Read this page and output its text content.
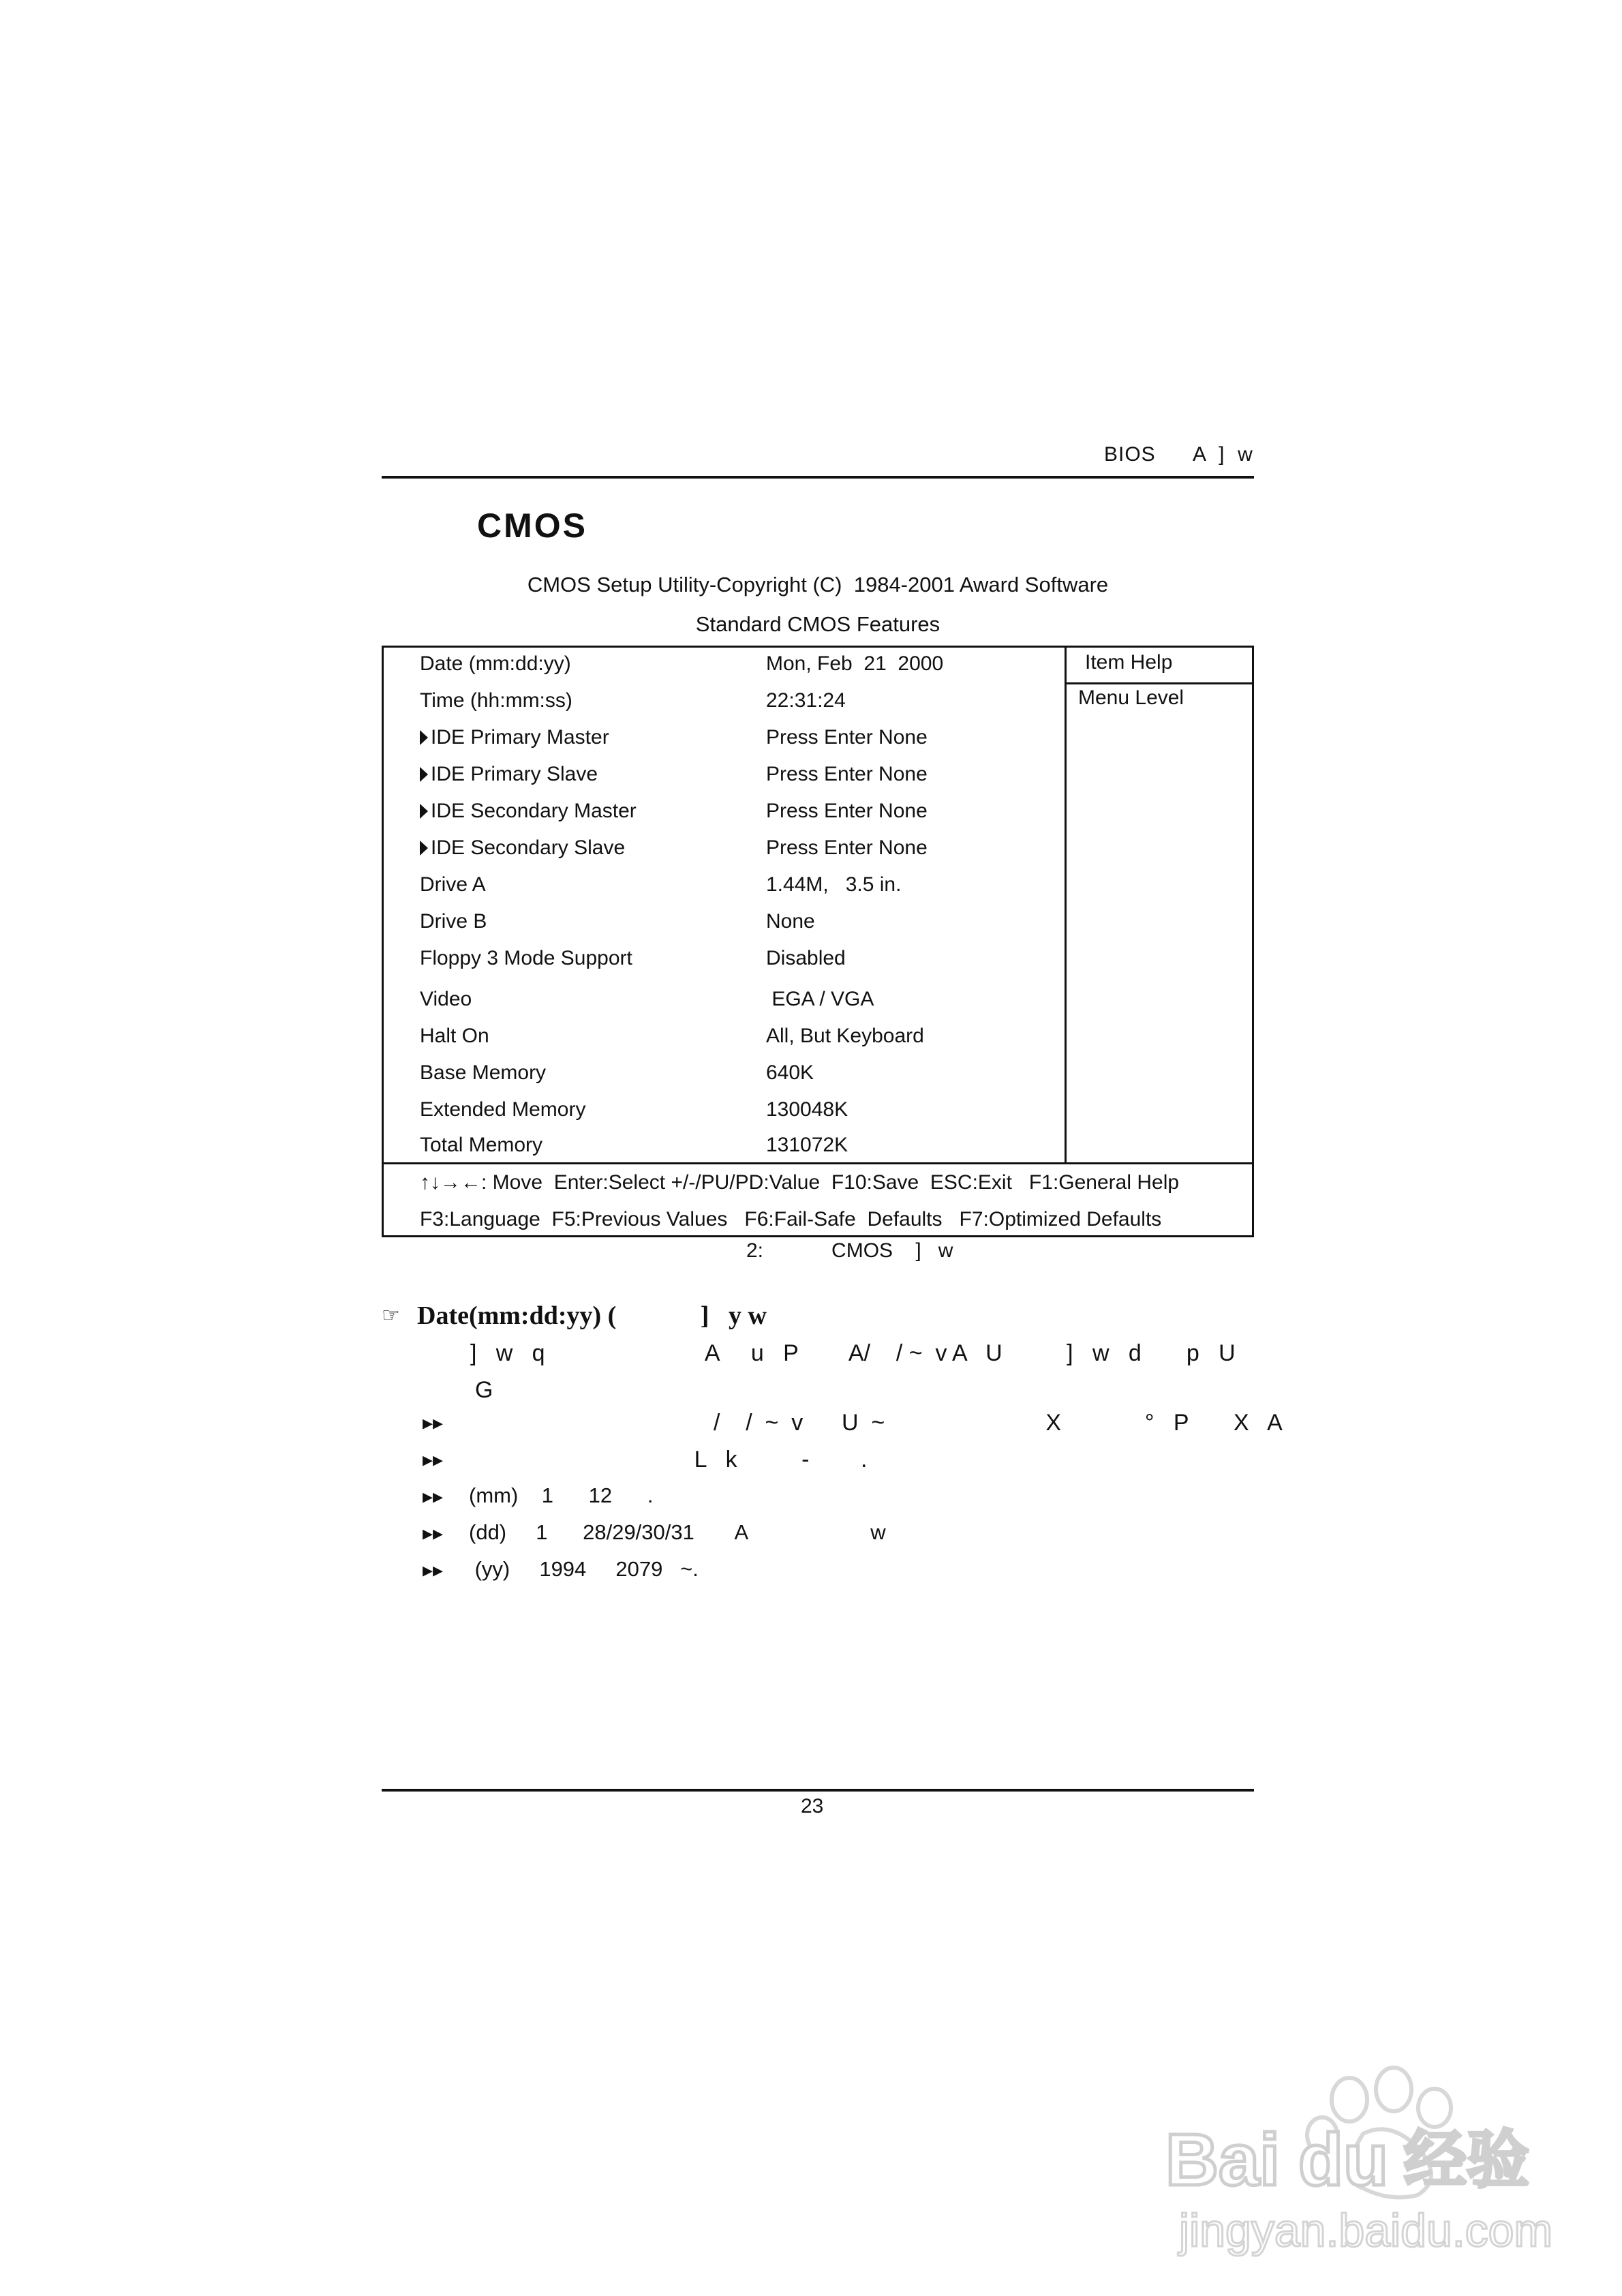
BIOS      A  ]  w
CMOS
CMOS Setup Utility-Copyright (C)  1984-2001 Award Software
Standard CMOS Features
Date (mm:dd:yy)	Mon, Feb  21  2000
Time (hh:mm:ss)	22:31:24
IDE Primary Master	Press Enter None
IDE Primary Slave	Press Enter None
IDE Secondary Master	Press Enter None
IDE Secondary Slave	Press Enter None
Drive A	1.44M,   3.5 in.
Drive B	None
Floppy 3 Mode Support	Disabled
Video	EGA / VGA
Halt On	All, But Keyboard
Base Memory	640K
Extended Memory	130048K
Total Memory	131072K
Item Help
Menu Level
↑↓→←: Move  Enter:Select +/-/PU/PD:Value  F10:Save  ESC:Exit   F1:General Help
F3:Language  F5:Previous Values   F6:Fail-Safe  Defaults   F7:Optimized Defaults
2:            CMOS    ]   w
☞ Date(mm:dd:yy) (             ]   y w
]   w   q                         A     u   P        A/    / ~  v A   U          ]   w   d       p   U
G
▸▸ /    /  ~  v      U  ~                         X             °   P       X   A
▸▸ L   k          -        .
▸▸ (mm)    1      12      .
▸▸ (dd)     1      28/29/30/31       A                     w
▸▸ (yy)     1994     2079   ~.
23
Bai du 经验
jingyan.baidu.com
